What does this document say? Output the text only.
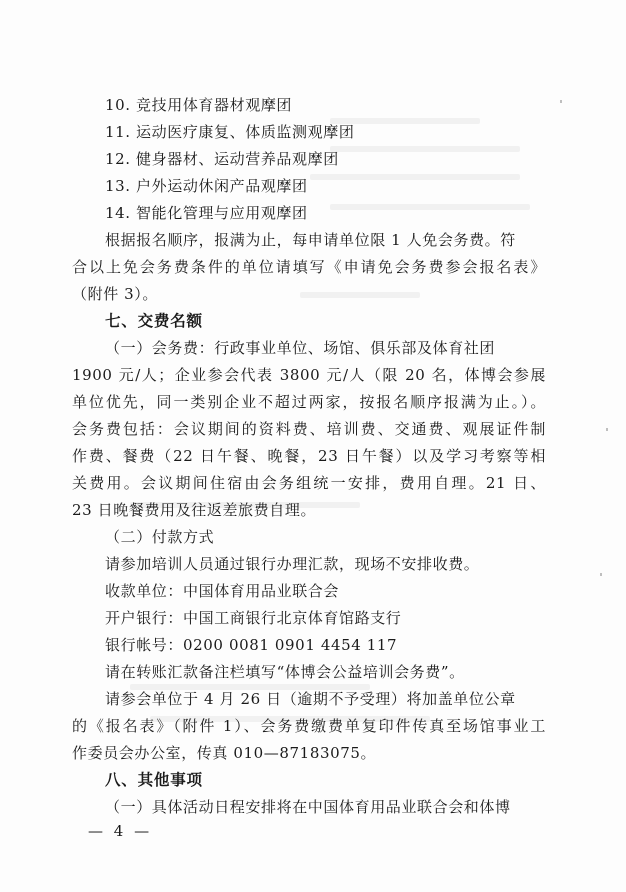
10. 竞技用体育器材观摩团
11. 运动医疗康复、体质监测观摩团
12. 健身器材、运动营养品观摩团
13. 户外运动休闲产品观摩团
14. 智能化管理与应用观摩团
根据报名顺序，报满为止，每申请单位限 1 人免会务费。符
合以上免会务费条件的单位请填写《申请免会务费参会报名表》
（附件 3）。
七、交费名额
（一）会务费：行政事业单位、场馆、俱乐部及体育社团
1900 元/人；企业参会代表 3800 元/人（限 20 名，体博会参展
单位优先，同一类别企业不超过两家，按报名顺序报满为止。）。
会务费包括：会议期间的资料费、培训费、交通费、观展证件制
作费、餐费（22 日午餐、晚餐，23 日午餐）以及学习考察等相
关费用。会议期间住宿由会务组统一安排，费用自理。21 日、
23 日晚餐费用及往返差旅费自理。
（二）付款方式
请参加培训人员通过银行办理汇款，现场不安排收费。
收款单位：中国体育用品业联合会
开户银行：中国工商银行北京体育馆路支行
银行帐号：0200 0081 0901 4454 117
请在转账汇款备注栏填写“体博会公益培训会务费”。
请参会单位于 4 月 26 日（逾期不予受理）将加盖单位公章
的《报名表》（附件 1）、会务费缴费单复印件传真至场馆事业工
作委员会办公室，传真 010—87183075。
八、其他事项
（一）具体活动日程安排将在中国体育用品业联合会和体博
— 4 —
